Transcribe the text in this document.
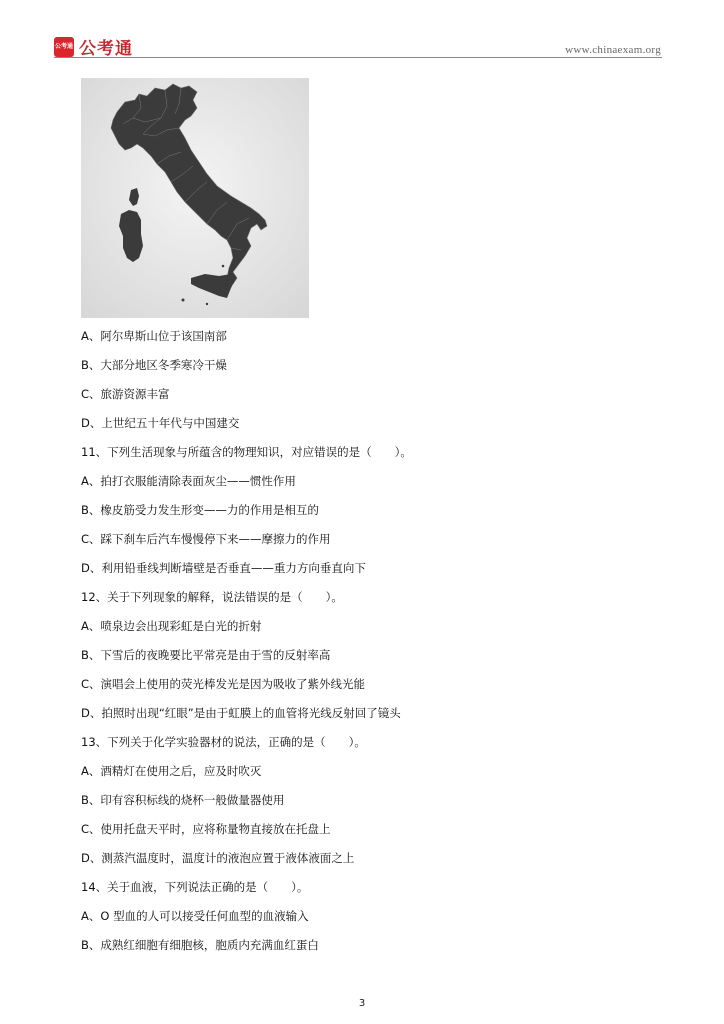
公考通 公考通	www.chinaexam.org
A、阿尔卑斯山位于该国南部
B、大部分地区冬季寒冷干燥
C、旅游资源丰富
D、上世纪五十年代与中国建交
11、下列生活现象与所蕴含的物理知识，对应错误的是（　　）。
A、拍打衣服能清除表面灰尘——惯性作用
B、橡皮筋受力发生形变——力的作用是相互的
C、踩下刹车后汽车慢慢停下来——摩擦力的作用
D、利用铅垂线判断墙壁是否垂直——重力方向垂直向下
12、关于下列现象的解释，说法错误的是（　　）。
A、喷泉边会出现彩虹是白光的折射
B、下雪后的夜晚要比平常亮是由于雪的反射率高
C、演唱会上使用的荧光棒发光是因为吸收了紫外线光能
D、拍照时出现“红眼”是由于虹膜上的血管将光线反射回了镜头
13、下列关于化学实验器材的说法，正确的是（　　）。
A、酒精灯在使用之后，应及时吹灭
B、印有容积标线的烧杯一般做量器使用
C、使用托盘天平时，应将称量物直接放在托盘上
D、测蒸汽温度时，温度计的液泡应置于液体液面之上
14、关于血液，下列说法正确的是（　　）。
A、O 型血的人可以接受任何血型的血液输入
B、成熟红细胞有细胞核，胞质内充满血红蛋白
3
